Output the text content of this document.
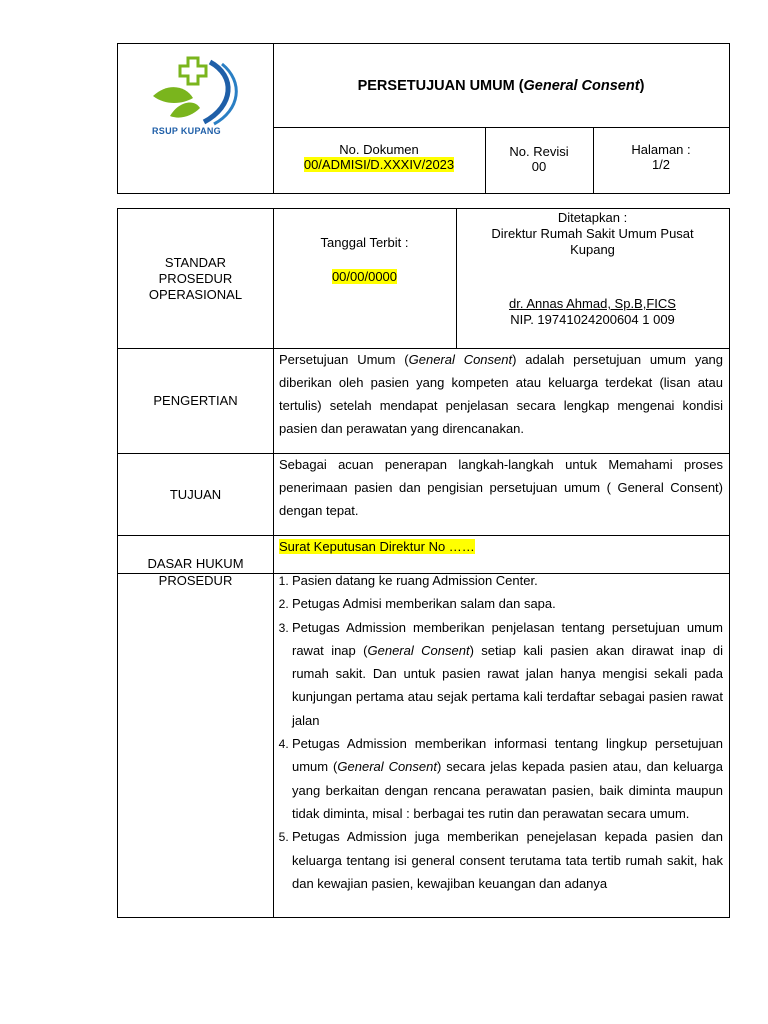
RSUP KUPANG
PERSETUJUAN UMUM ( General Consent )
No. Dokumen
00/ADMISI/D.XXXIV/2023
No. Revisi
00
Halaman :
1/2
STANDAR
PROSEDUR
OPERASIONAL
Tanggal Terbit :
00/00/0000
Ditetapkan :
Direktur Rumah Sakit Umum Pusat Kupang
dr. Annas Ahmad, Sp.B,FICS
NIP. 19741024200604 1 009
PENGERTIAN
Persetujuan Umum (General Consent) adalah persetujuan umum yang diberikan oleh pasien yang kompeten atau keluarga terdekat (lisan atau tertulis) setelah mendapat penjelasan secara lengkap mengenai kondisi pasien dan perawatan yang direncanakan.
TUJUAN
Sebagai acuan penerapan langkah-langkah untuk Memahami proses penerimaan pasien dan pengisian persetujuan umum ( General Consent) dengan tepat.
DASAR HUKUM
Surat Keputusan Direktur No ……
PROSEDUR
1.	Pasien datang ke ruang Admission Center.
2. Petugas Admisi memberikan salam dan sapa.
3. Petugas Admission memberikan penjelasan tentang persetujuan umum rawat inap (General Consent) setiap kali pasien akan dirawat inap di rumah sakit. Dan untuk pasien rawat jalan hanya mengisi sekali pada kunjungan pertama atau sejak pertama kali terdaftar sebagai pasien rawat jalan
4. Petugas Admission memberikan informasi tentang lingkup persetujuan umum (General Consent) secara jelas kepada pasien atau, dan keluarga yang berkaitan dengan rencana perawatan pasien, baik diminta maupun tidak diminta, misal : berbagai tes rutin dan perawatan secara umum.
5. Petugas Admission juga memberikan penejelasan kepada pasien dan keluarga tentang isi general consent terutama tata tertib rumah sakit, hak dan kewajian pasien, kewajiban keuangan dan adanya
